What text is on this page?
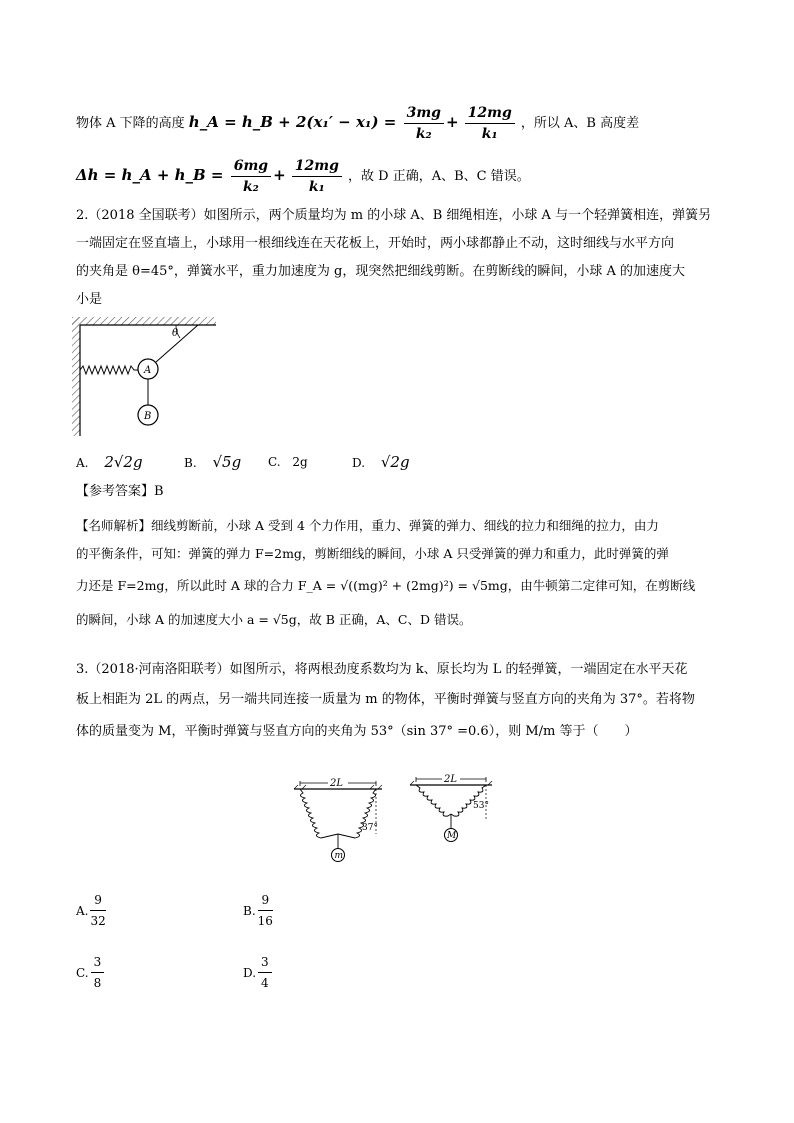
物体 A 下降的高度 h_A = h_B + $2(x_1' - x_1) = \frac{3mg}{\text{k₂}} + \frac{12mg}{\text{k₁}}$ ，所以 A、B 高度差
Δh = h_A + h_B = $\frac{6mg}{\text{k₂}} + \frac{12mg}{\text{k₁}}$ ，故 D 正确，A、B、C 错误。
2.（2018 全国联考）如图所示，两个质量均为 m 的小球 A、B 细绳相连，小球 A 与一个轻弹簧相连，弹簧另
一端固定在竖直墙上，小球用一根细线连在天花板上，开始时，两小球都静止不动，这时细线与水平方向
的夹角是 θ=45°，弹簧水平，重力加速度为 g，现突然把细线剪断。在剪断线的瞬间，小球 A 的加速度大
小是
θ
A
B
A. 2√2g	B. √5g C. 2g	D. √2g
【参考答案】B
【名师解析】细线剪断前，小球 A 受到 4 个力作用，重力、弹簧的弹力、细线的拉力和细绳的拉力，由力
的平衡条件，可知：弹簧的弹力 F=2mg，剪断细线的瞬间，小球 A 只受弹簧的弹力和重力，此时弹簧的弹
力还是 F=2mg，所以此时 A 球的合力 F_A = √((mg)² + (2mg)²) = √5mg，由牛顿第二定律可知，在剪断线
的瞬间，小球 A 的加速度大小 a = √5g，故 B 正确，A、C、D 错误。
3.（2018·河南洛阳联考）如图所示，将两根劲度系数均为 k、原长均为 L 的轻弹簧，一端固定在水平天花
板上相距为 2L 的两点，另一端共同连接一质量为 m 的物体，平衡时弹簧与竖直方向的夹角为 37°。若将物
体的质量变为 M，平衡时弹簧与竖直方向的夹角为 53°（sin 37° =0.6），则 M/m 等于（　　）
2L
37°
m
2L
53°
M
A. $\frac{9}{32}$	B. $\frac{9}{16}$
C. $\frac{3}{8}$	D. $\frac{3}{4}$
